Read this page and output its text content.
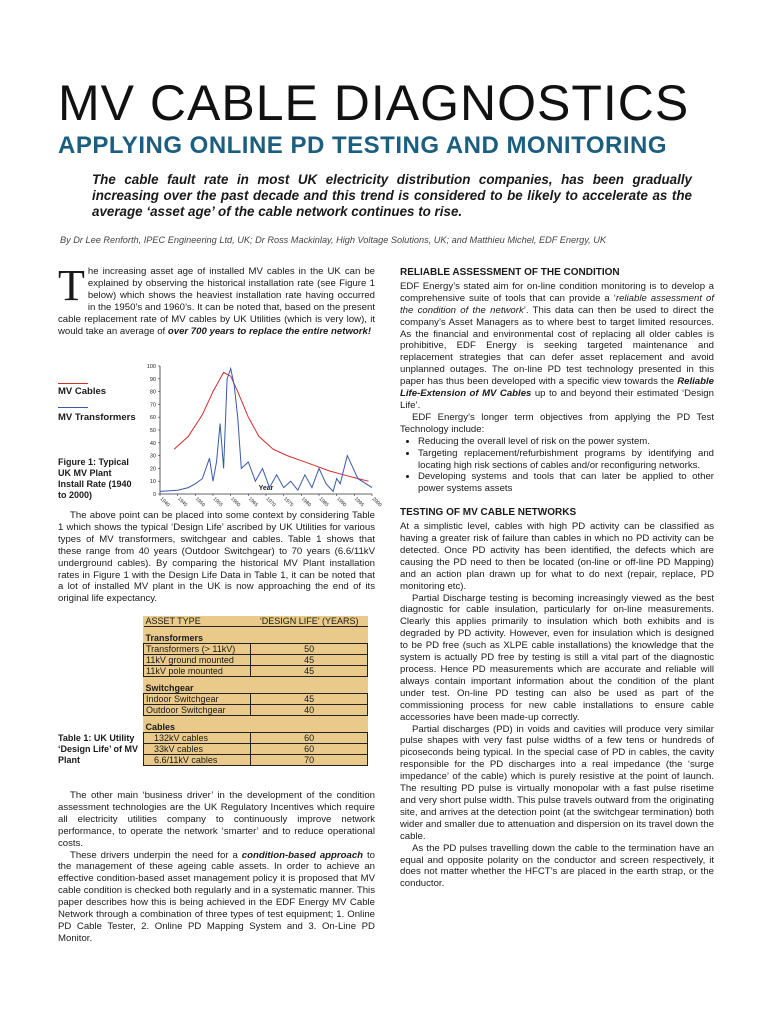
MV CABLE DIAGNOSTICS
APPLYING ONLINE PD TESTING AND MONITORING

The cable fault rate in most UK electricity distribution companies, has been gradually increasing over the past decade and this trend is considered to be likely to accelerate as the average ‘asset age’ of the cable network continues to rise.

By Dr Lee Renforth, IPEC Engineering Ltd, UK; Dr Ross Mackinlay, High Voltage Solutions, UK; and Matthieu Michel, EDF Energy, UK

The increasing asset age of installed MV cables in the UK can be explained by observing the historical installation rate (see Figure 1 below) which shows the heaviest installation rate having occurred in the 1950’s and 1960’s. It can be noted that, based on the present cable replacement rate of MV cables by UK Utilities (which is very low), it would take an average of over 700 years to replace the entire network!

MV Cables
MV Transformers
Figure 1: Typical UK MV Plant Install Rate (1940 to 2000)	0
10
20
30
40
50
60
70
80
90
100
1940 1945 1950 1955 1960 1965 1970 1975 1980 1985 1990 1995 2000
Year

The above point can be placed into some context by considering Table 1 which shows the typical ‘Design Life’ ascribed by UK Utilities for various types of MV transformers, switchgear and cables. Table 1 shows that these range from 40 years (Outdoor Switchgear) to 70 years (6.6/11kV underground cables). By comparing the historical MV Plant installation rates in Figure 1 with the Design Life Data in Table 1, it can be noted that a lot of installed MV plant in the UK is now approaching the end of its original life expectancy.

ASSET TYPE	‘DESIGN LIFE’ (YEARS)
Transformers	
Transformers (> 11kV)	50
11kV ground mounted	45
11kV pole mounted	45
Switchgear	
Indoor Switchgear	45
Outdoor Switchgear	40
Cables	
132kV cables	60
33kV cables	60
6.6/11kV cables	70
Table 1: UK Utility ‘Design Life’ of MV Plant

The other main ‘business driver’ in the development of the condition assessment technologies are the UK Regulatory Incentives which require all electricity utilities company to continuously improve network performance, to operate the network ‘smarter’ and to reduce operational costs.

These drivers underpin the need for a condition-based approach to the management of these ageing cable assets. In order to achieve an effective condition-based asset management policy it is proposed that MV cable condition is checked both regularly and in a systematic manner. This paper describes how this is being achieved in the EDF Energy MV Cable Network through a combination of three types of test equipment; 1. Online PD Cable Tester, 2. Online PD Mapping System and 3. On-Line PD Monitor.

RELIABLE ASSESSMENT OF THE CONDITION

EDF Energy’s stated aim for on-line condition monitoring is to develop a comprehensive suite of tools that can provide a ‘reliable assessment of the condition of the network’. This data can then be used to direct the company’s Asset Managers as to where best to target limited resources. As the financial and environmental cost of replacing all older cables is prohibitive, EDF Energy is seeking targeted maintenance and replacement strategies that can defer asset replacement and avoid unplanned outages. The on-line PD test technology presented in this paper has thus been developed with a specific view towards the Reliable Life-Extension of MV Cables up to and beyond their estimated ‘Design Life’.

EDF Energy’s longer term objectives from applying the PD Test Technology include:

• Reducing the overall level of risk on the power system.
• Targeting replacement/refurbishment programs by identifying and locating high risk sections of cables and/or reconfiguring networks.
• Developing systems and tools that can later be applied to other power systems assets
TESTING OF MV CABLE NETWORKS

At a simplistic level, cables with high PD activity can be classified as having a greater risk of failure than cables in which no PD activity can be detected. Once PD activity has been identified, the defects which are causing the PD need to then be located (on-line or off-line PD Mapping) and an action plan drawn up for what to do next (repair, replace, PD monitoring etc).

Partial Discharge testing is becoming increasingly viewed as the best diagnostic for cable insulation, particularly for on-line measurements. Clearly this applies primarily to insulation which both exhibits and is degraded by PD activity. However, even for insulation which is designed to be PD free (such as XLPE cable installations) the knowledge that the system is actually PD free by testing is still a vital part of the diagnostic process. Hence PD measurements which are accurate and reliable will always contain important information about the condition of the plant under test. On-line PD testing can also be used as part of the commissioning process for new cable installations to ensure cable accessories have been made-up correctly.

Partial discharges (PD) in voids and cavities will produce very similar pulse shapes with very fast pulse widths of a few tens or hundreds of picoseconds being typical. In the special case of PD in cables, the cavity responsible for the PD discharges into a real impedance (the ‘surge impedance’ of the cable) which is purely resistive at the point of launch. The resulting PD pulse is virtually monopolar with a fast pulse risetime and very short pulse width. This pulse travels outward from the originating site, and arrives at the detection point (at the switchgear termination) both wider and smaller due to attenuation and dispersion on its travel down the cable.

As the PD pulses travelling down the cable to the termination have an equal and opposite polarity on the conductor and screen respectively, it does not matter whether the HFCT’s are placed in the earth strap, or the conductor.
